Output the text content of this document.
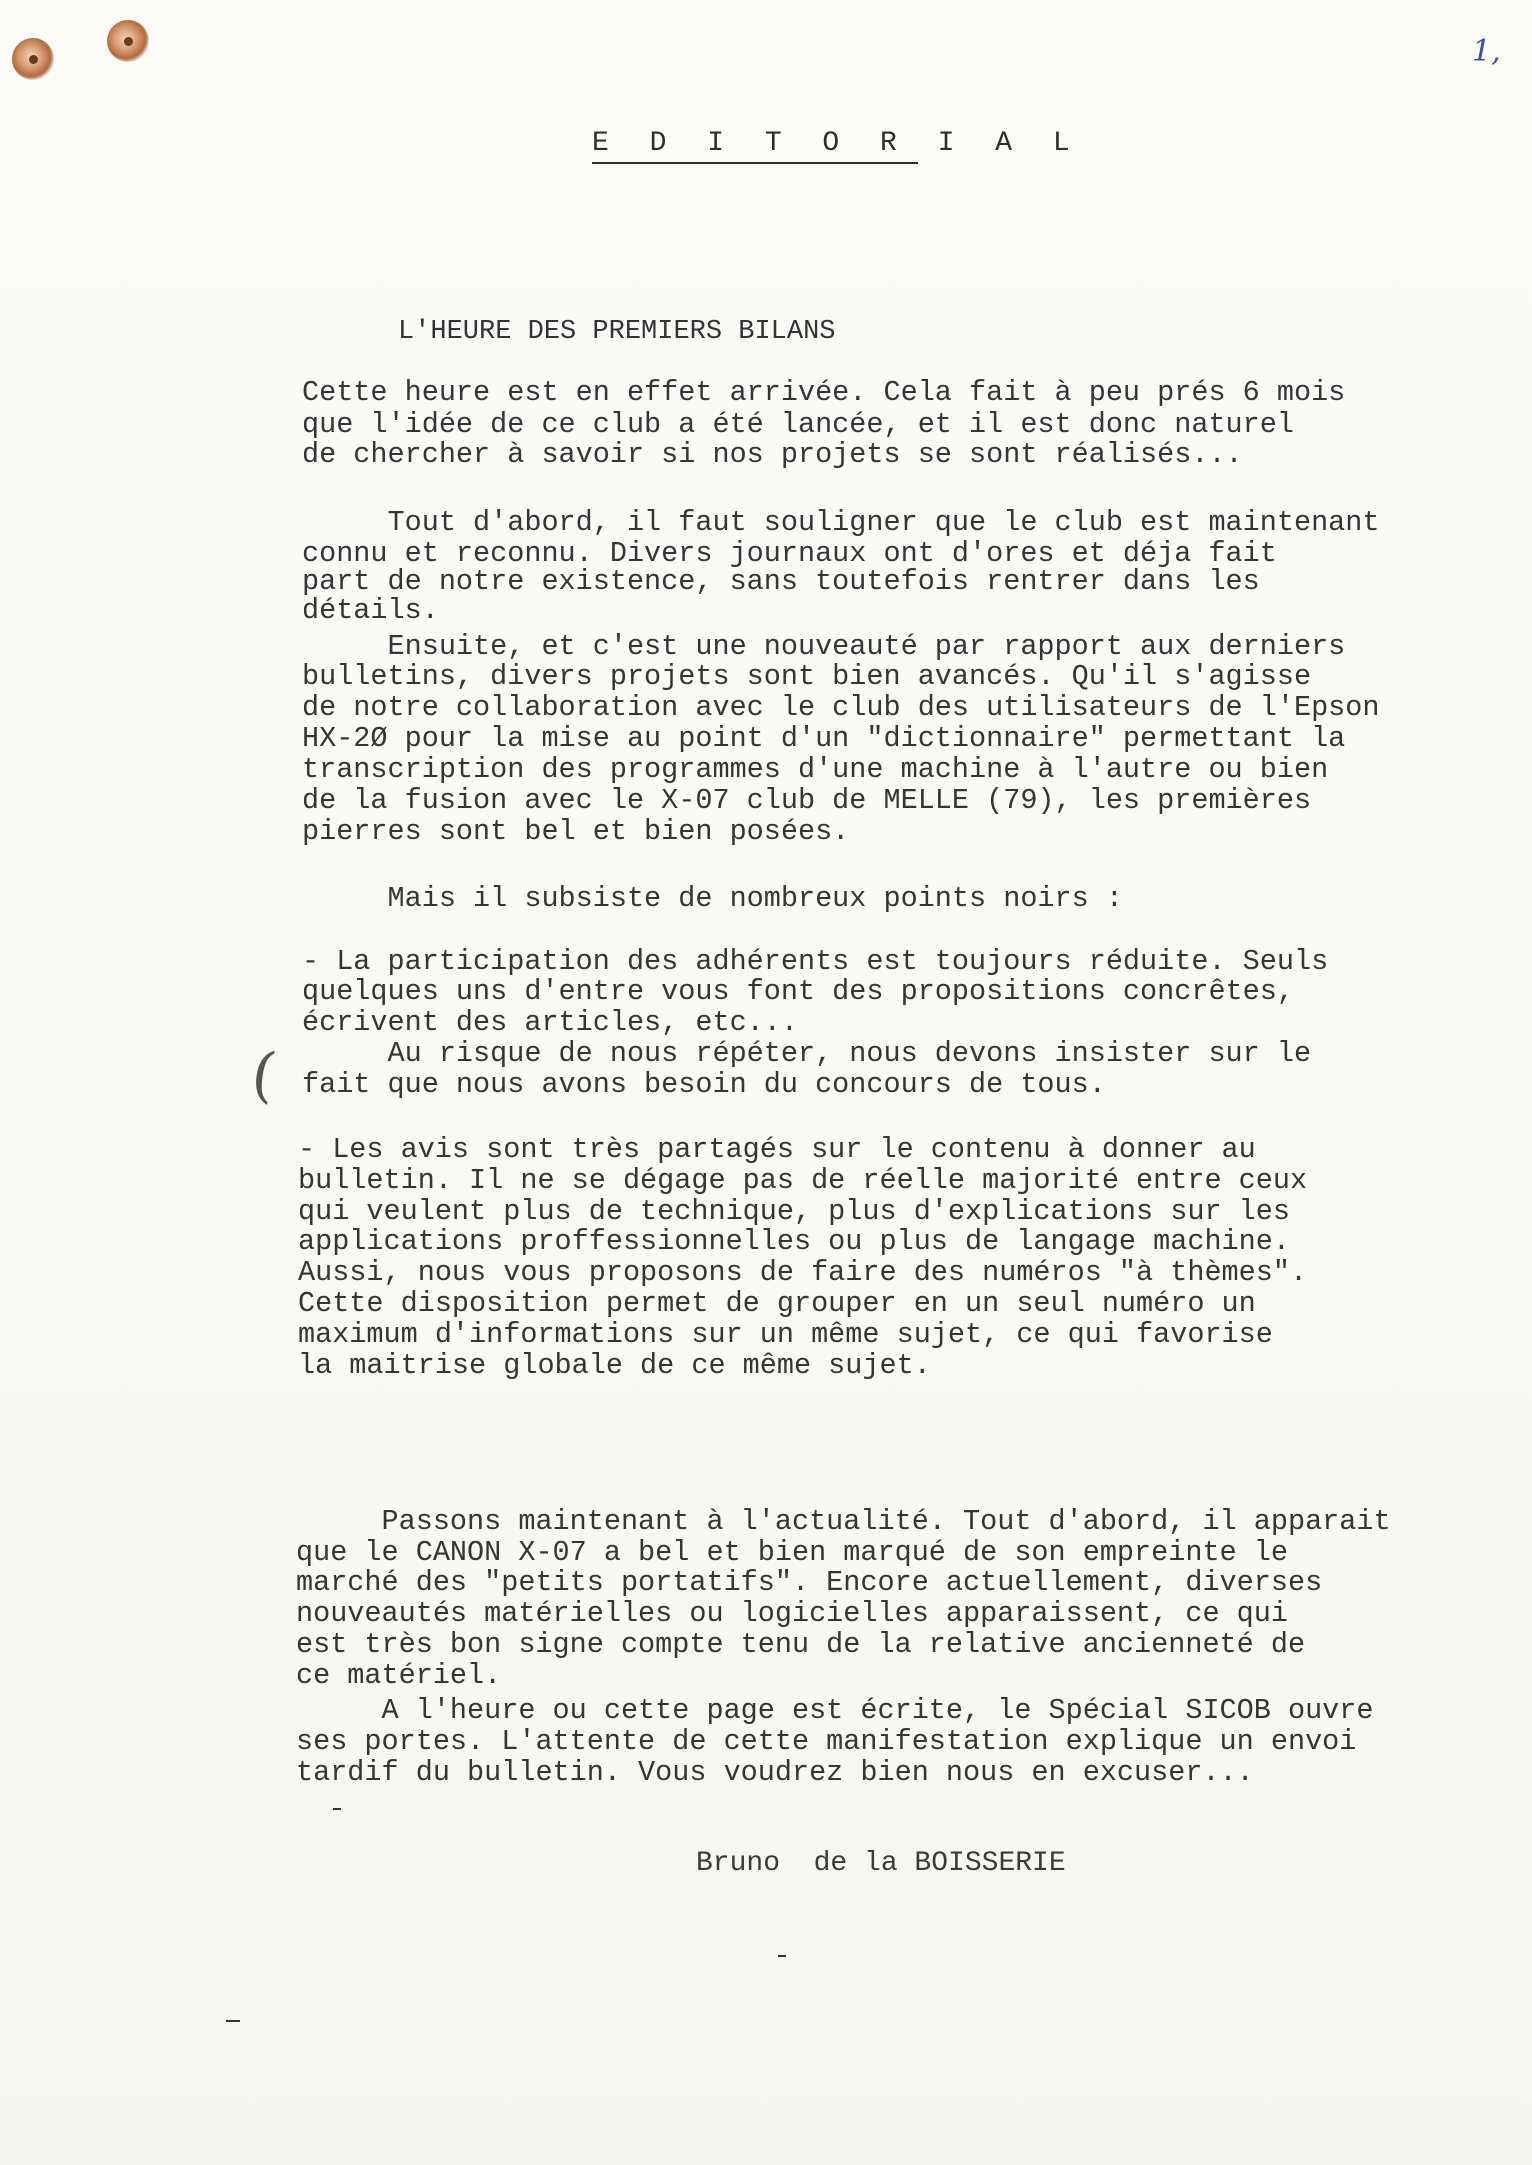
1,
E D I T O R I A L
L'HEURE DES PREMIERS BILANS
Cette heure est en effet arrivée. Cela fait à peu prés 6 mois
que l'idée de ce club a été lancée, et il est donc naturel
de chercher à savoir si nos projets se sont réalisés...
Tout d'abord, il faut souligner que le club est maintenant
connu et reconnu. Divers journaux ont d'ores et déja fait
part de notre existence, sans toutefois rentrer dans les
détails.
Ensuite, et c'est une nouveauté par rapport aux derniers
bulletins, divers projets sont bien avancés. Qu'il s'agisse
de notre collaboration avec le club des utilisateurs de l'Epson
HX-2Ø pour la mise au point d'un "dictionnaire" permettant la
transcription des programmes d'une machine à l'autre ou bien
de la fusion avec le X-07 club de MELLE (79), les premières
pierres sont bel et bien posées.
Mais il subsiste de nombreux points noirs :
- La participation des adhérents est toujours réduite. Seuls
quelques uns d'entre vous font des propositions concrêtes,
écrivent des articles, etc...
Au risque de nous répéter, nous devons insister sur le
fait que nous avons besoin du concours de tous.
- Les avis sont très partagés sur le contenu à donner au
bulletin. Il ne se dégage pas de réelle majorité entre ceux
qui veulent plus de technique, plus d'explications sur les
applications proffessionnelles ou plus de langage machine.
Aussi, nous vous proposons de faire des numéros "à thèmes".
Cette disposition permet de grouper en un seul numéro un
maximum d'informations sur un même sujet, ce qui favorise
la maitrise globale de ce même sujet.
Passons maintenant à l'actualité. Tout d'abord, il apparait
que le CANON X-07 a bel et bien marqué de son empreinte le
marché des "petits portatifs". Encore actuellement, diverses
nouveautés matérielles ou logicielles apparaissent, ce qui
est très bon signe compte tenu de la relative ancienneté de
ce matériel.
A l'heure ou cette page est écrite, le Spécial SICOB ouvre
ses portes. L'attente de cette manifestation explique un envoi
tardif du bulletin. Vous voudrez bien nous en excuser...
Bruno  de la BOISSERIE
(
